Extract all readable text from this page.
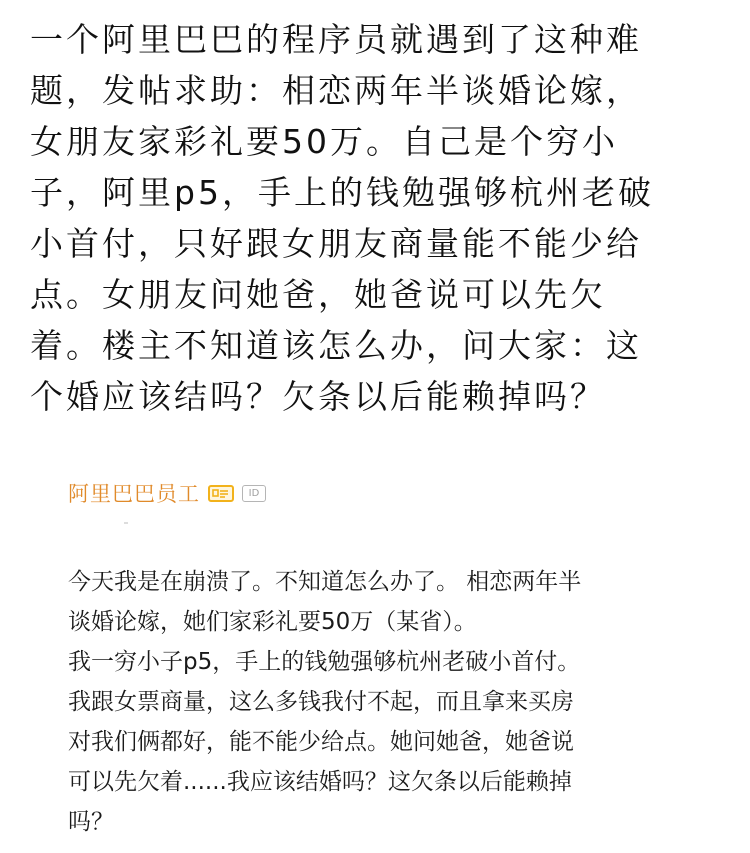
一个阿里巴巴的程序员就遇到了这种难
题，发帖求助：相恋两年半谈婚论嫁，
女朋友家彩礼要50万。自己是个穷小
子，阿里p5，手上的钱勉强够杭州老破
小首付，只好跟女朋友商量能不能少给
点。女朋友问她爸，她爸说可以先欠
着。楼主不知道该怎么办，问大家：这
个婚应该结吗？欠条以后能赖掉吗？
阿里巴巴员工	ID
今天我是在崩溃了。不知道怎么办了。 相恋两年半
谈婚论嫁，她们家彩礼要50万（某省）。
我一穷小子p5，手上的钱勉强够杭州老破小首付。
我跟女票商量，这么多钱我付不起，而且拿来买房
对我们俩都好，能不能少给点。她问她爸，她爸说
可以先欠着......我应该结婚吗？这欠条以后能赖掉
吗？
